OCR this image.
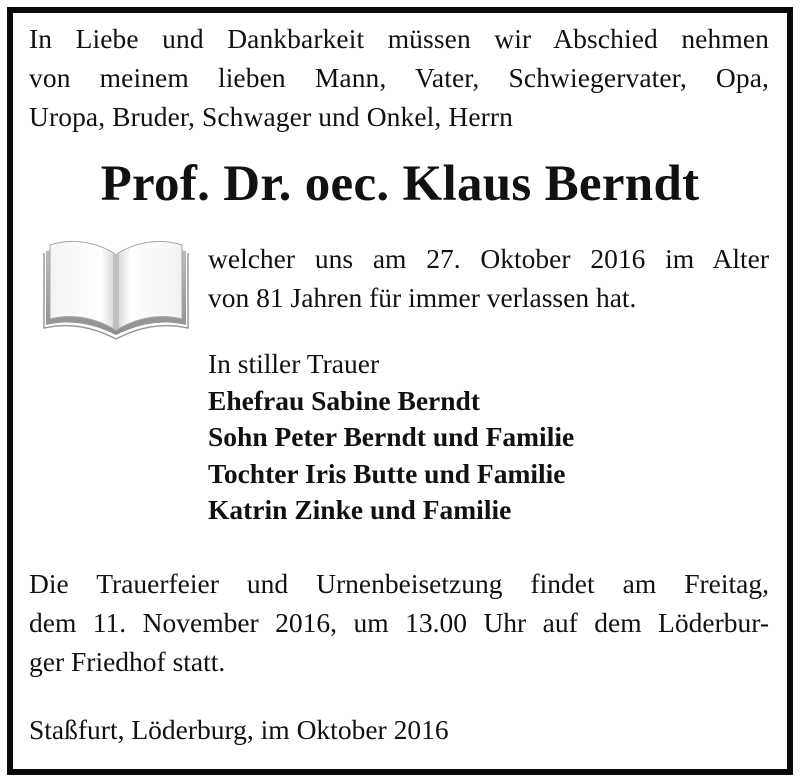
In Liebe und Dankbarkeit müssen wir Abschied nehmen
von meinem lieben Mann, Vater, Schwiegervater, Opa,
Uropa, Bruder, Schwager und Onkel, Herrn
Prof. Dr. oec. Klaus Berndt
welcher uns am 27. Oktober 2016 im Alter
von 81 Jahren für immer verlassen hat.
In stiller Trauer
Ehefrau Sabine Berndt
Sohn Peter Berndt und Familie
Tochter Iris Butte und Familie
Katrin Zinke und Familie
Die Trauerfeier und Urnenbeisetzung findet am Freitag,
dem 11. November 2016, um 13.00 Uhr auf dem Löderbur-
ger Friedhof statt.
Staßfurt, Löderburg, im Oktober 2016
